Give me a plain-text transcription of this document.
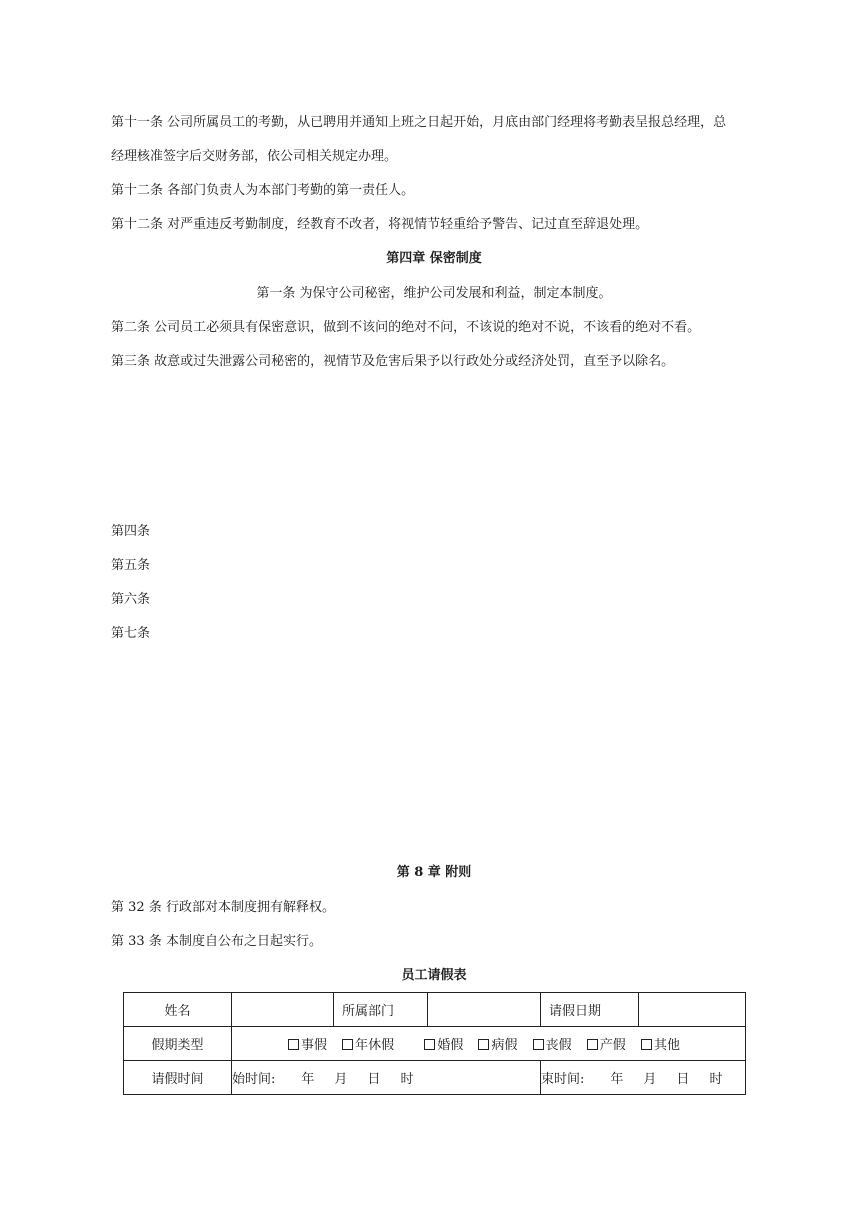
第十一条 公司所属员工的考勤，从已聘用并通知上班之日起开始，月底由部门经理将考勤表呈报总经理，总
经理核准签字后交财务部，依公司相关规定办理。
第十二条 各部门负责人为本部门考勤的第一责任人。
第十二条 对严重违反考勤制度，经教育不改者，将视情节轻重给予警告、记过直至辞退处理。
第四章 保密制度
第一条 为保守公司秘密，维护公司发展和利益，制定本制度。
第二条 公司员工必须具有保密意识，做到不该问的绝对不问，不该说的绝对不说，不该看的绝对不看。
第三条 故意或过失泄露公司秘密的，视情节及危害后果予以行政处分或经济处罚，直至予以除名。
第四条
第五条
第六条
第七条
第 8 章 附则
第 32 条 行政部对本制度拥有解释权。
第 33 条 本制度自公布之日起实行。
员工请假表
姓名		所属部门		请假日期	
假期类型	事假 年休假 婚假 病假 丧假 产假 其他				
请假时间	始时间: 年 月 日 时			束时间: 年 月 日 时	
